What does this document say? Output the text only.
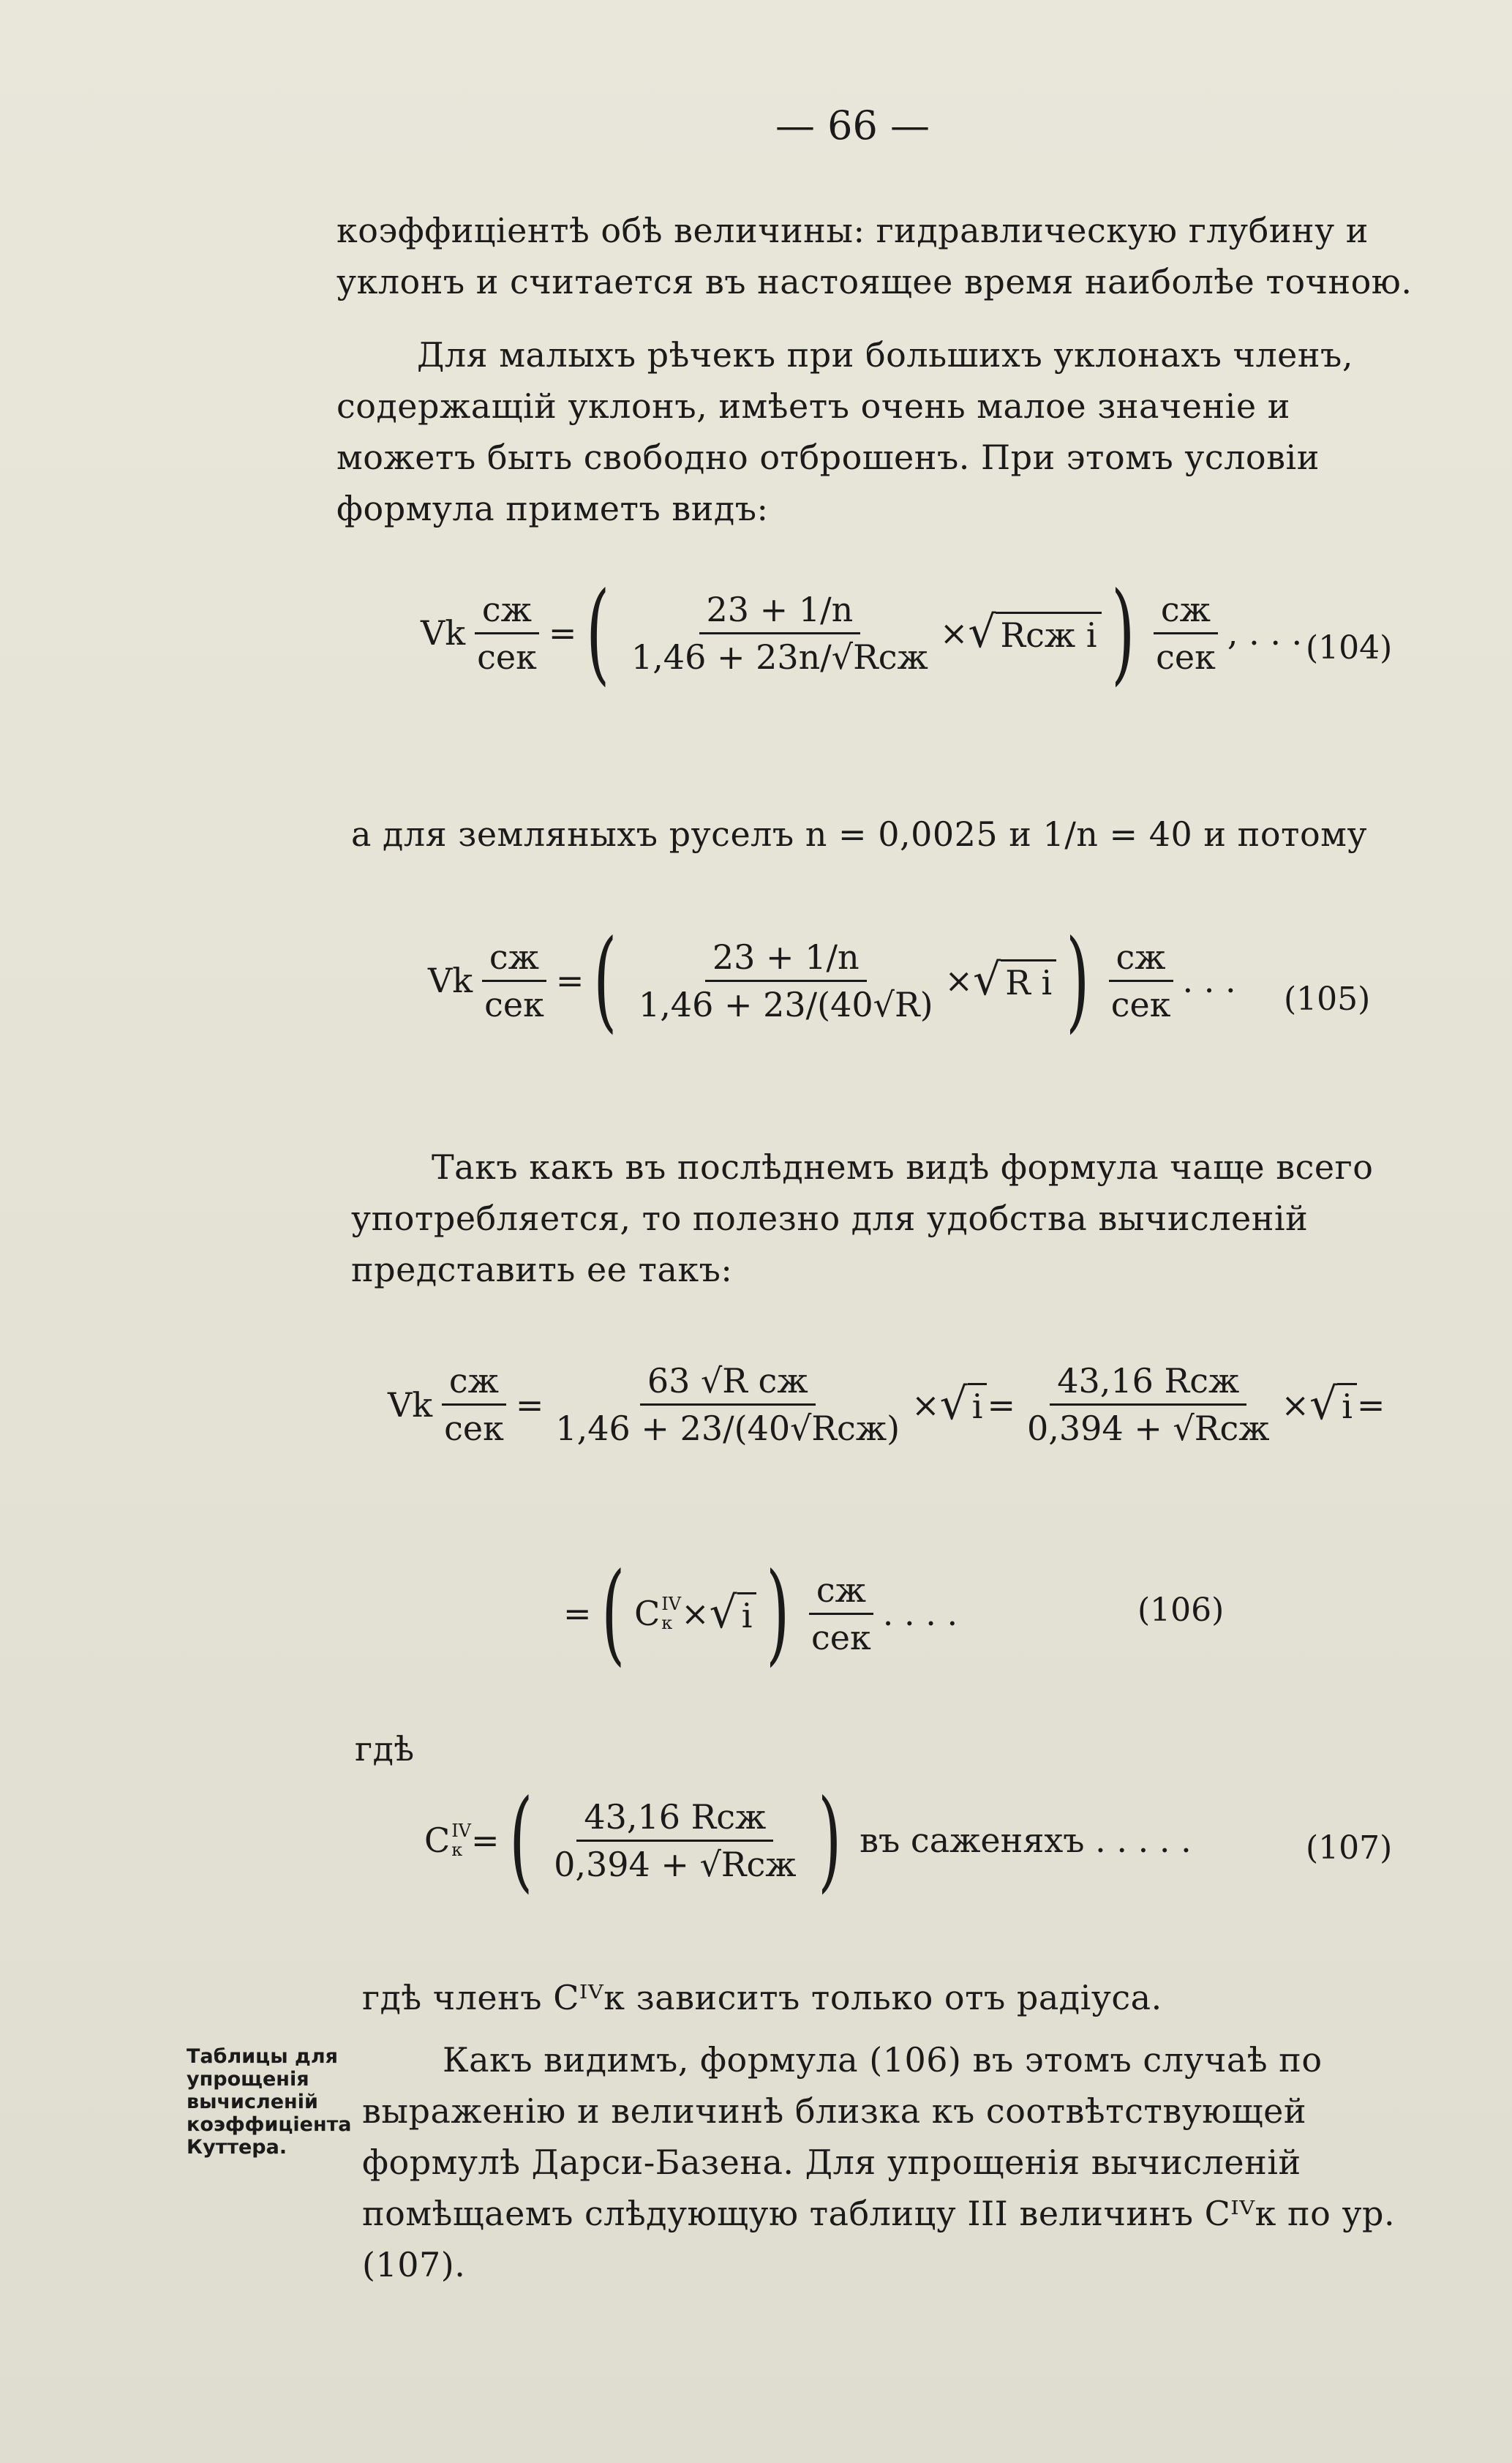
— 66 —
коэффиціентѣ обѣ величины: гидравлическую глубину и уклонъ и считается въ настоящее время наиболѣе точною.
Для малыхъ рѣчекъ при большихъ уклонахъ членъ, содержащій уклонъ, имѣетъ очень малое значеніе и можетъ быть свободно отброшенъ. При этомъ условіи формула приметъ видъ:
Vk $\frac{сж}{\text{сек}}$ = ( $\frac{23 + 1/n}{\text{1,46 + 23n/√Rсж}}$ × √ Rсж i ) $\frac{сж}{\text{сек}}$ , . . . (104)
а для земляныхъ руселъ n = 0,0025 и 1/n = 40 и потому
Vk $\frac{сж}{\text{сек}}$ = ( $\frac{23 + 1/n}{1,46 + 23/(40√R)}$ × √ R i ) $\frac{сж}{\text{сек}}$ . . . (105)
Такъ какъ въ послѣднемъ видѣ формула чаще всего употребляется, то полезно для удобства вычисленій представить ее такъ:
Vk $\frac{сж}{\text{сек}} = \frac{\text{63 √R сж}}{\text{1,46 + 23/(40√Rсж)}}$ × √ $i = \frac{\text{43,16 Rсж}}{\text{0,394 + √Rсж}}$ × √ i =
= ( C IV
к × √ i ) $\frac{сж}{\text{сек}}$ . . . .	(106)
гдѣ
C IV
к = ( $\frac{\text{43,16 Rсж}}{\text{0,394 + √Rсж}}$ ) въ саженяхъ . . . . .	(107)
гдѣ членъ Cᴵⱽк зависитъ только отъ радіуса.
Таблицы для упрощенія вычисленій коэффиціента Куттера.
Какъ видимъ, формула (106) въ этомъ случаѣ по выраженію и величинѣ близка къ соотвѣтствующей формулѣ Дарси-Базена. Для упрощенія вычисленій помѣщаемъ слѣдующую таблицу III величинъ Cᴵⱽк по ур. (107).
